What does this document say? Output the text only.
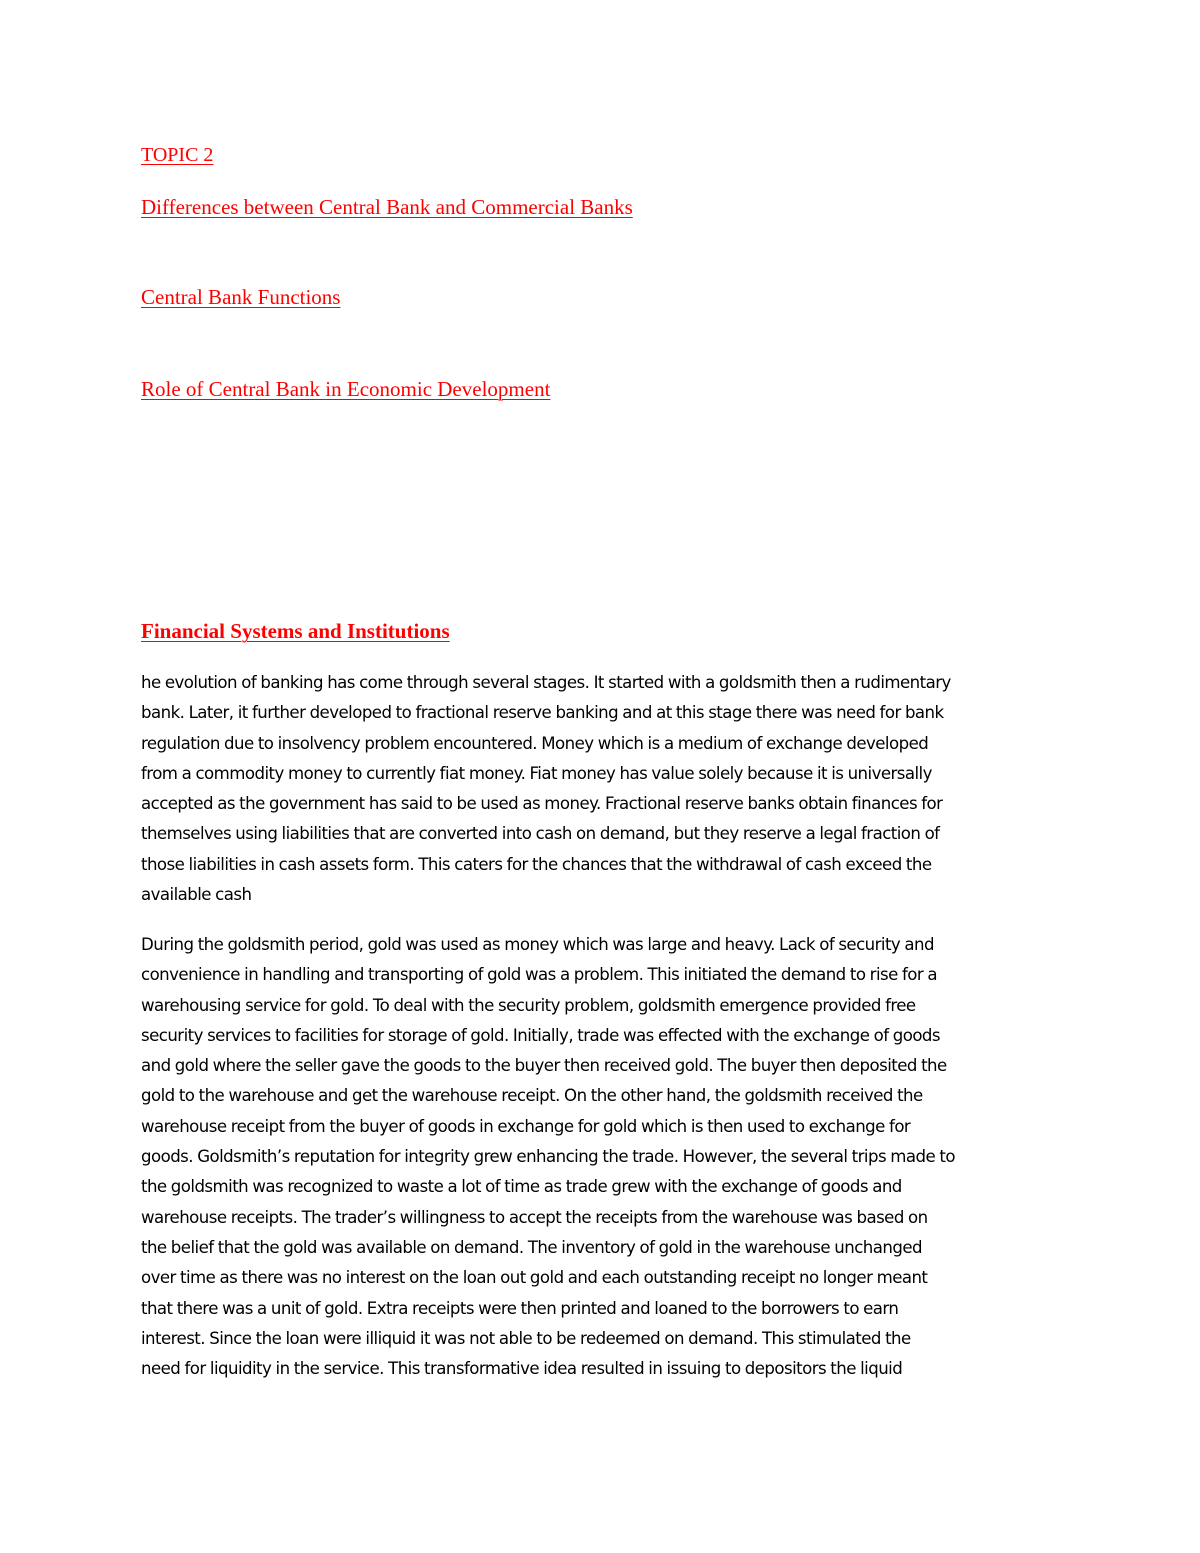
TOPIC 2

Differences between Central Bank and Commercial Banks

Central Bank Functions

Role of Central Bank in Economic Development

Financial Systems and Institutions

he evolution of banking has come through several stages. It started with a goldsmith then a rudimentary
bank. Later, it further developed to fractional reserve banking and at this stage there was need for bank
regulation due to insolvency problem encountered. Money which is a medium of exchange developed
from a commodity money to currently fiat money. Fiat money has value solely because it is universally
accepted as the government has said to be used as money. Fractional reserve banks obtain finances for
themselves using liabilities that are converted into cash on demand, but they reserve a legal fraction of
those liabilities in cash assets form. This caters for the chances that the withdrawal of cash exceed the
available cash

During the goldsmith period, gold was used as money which was large and heavy. Lack of security and
convenience in handling and transporting of gold was a problem. This initiated the demand to rise for a
warehousing service for gold. To deal with the security problem, goldsmith emergence provided free
security services to facilities for storage of gold. Initially, trade was effected with the exchange of goods
and gold where the seller gave the goods to the buyer then received gold. The buyer then deposited the
gold to the warehouse and get the warehouse receipt. On the other hand, the goldsmith received the
warehouse receipt from the buyer of goods in exchange for gold which is then used to exchange for
goods. Goldsmith’s reputation for integrity grew enhancing the trade. However, the several trips made to
the goldsmith was recognized to waste a lot of time as trade grew with the exchange of goods and
warehouse receipts. The trader’s willingness to accept the receipts from the warehouse was based on
the belief that the gold was available on demand. The inventory of gold in the warehouse unchanged
over time as there was no interest on the loan out gold and each outstanding receipt no longer meant
that there was a unit of gold. Extra receipts were then printed and loaned to the borrowers to earn
interest. Since the loan were illiquid it was not able to be redeemed on demand. This stimulated the
need for liquidity in the service. This transformative idea resulted in issuing to depositors the liquid
